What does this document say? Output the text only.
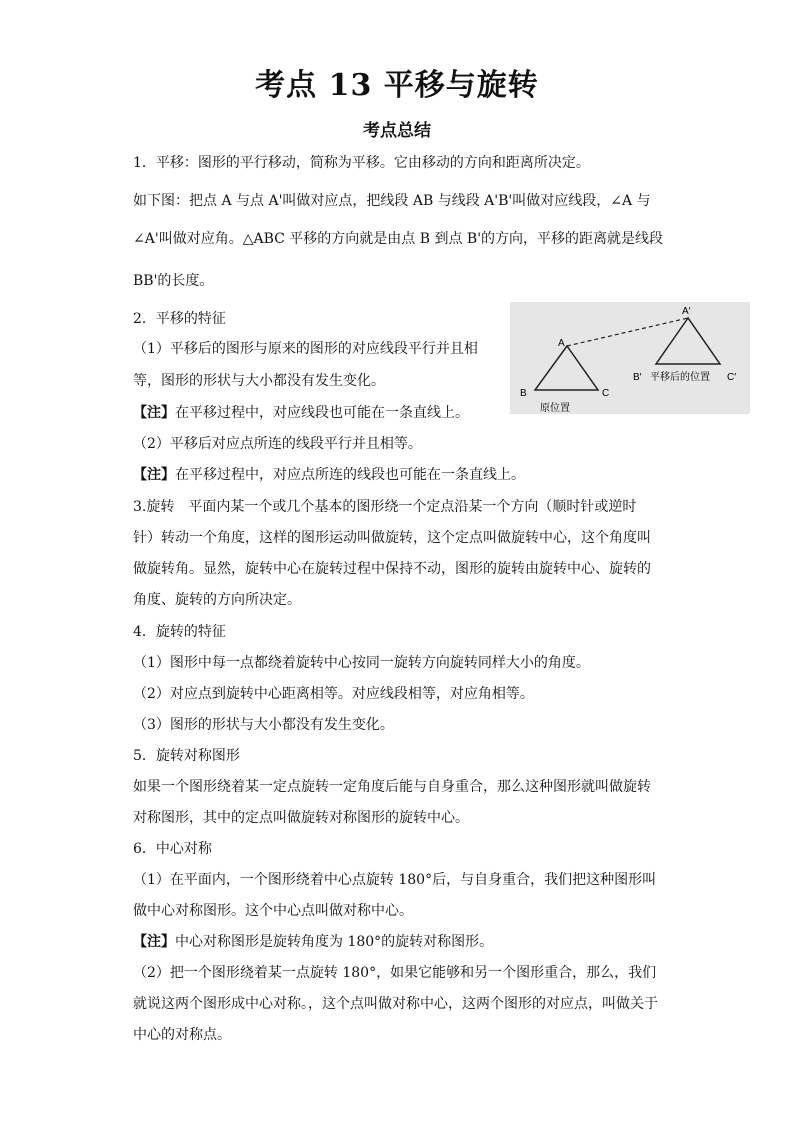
考点 13 平移与旋转
考点总结
1．平移：图形的平行移动，简称为平移。它由移动的方向和距离所决定。
如下图：把点 A 与点 A'叫做对应点，把线段 AB 与线段 A'B'叫做对应线段，∠A 与
∠A'叫做对应角。△ABC 平移的方向就是由点 B 到点 B'的方向，平移的距离就是线段
BB'的长度。
2．平移的特征
（1）平移后的图形与原来的图形的对应线段平行并且相
等，图形的形状与大小都没有发生变化。
【注】在平移过程中，对应线段也可能在一条直线上。
（2）平移后对应点所连的线段平行并且相等。
【注】在平移过程中，对应点所连的线段也可能在一条直线上。
3.旋转　平面内某一个或几个基本的图形绕一个定点沿某一个方向（顺时针或逆时
针）转动一个角度，这样的图形运动叫做旋转，这个定点叫做旋转中心，这个角度叫
做旋转角。显然，旋转中心在旋转过程中保持不动，图形的旋转由旋转中心、旋转的
角度、旋转的方向所决定。
4．旋转的特征
（1）图形中每一点都绕着旋转中心按同一旋转方向旋转同样大小的角度。
（2）对应点到旋转中心距离相等。对应线段相等，对应角相等。
（3）图形的形状与大小都没有发生变化。
5．旋转对称图形
如果一个图形绕着某一定点旋转一定角度后能与自身重合，那么这种图形就叫做旋转
对称图形，其中的定点叫做旋转对称图形的旋转中心。
6．中心对称
（1）在平面内，一个图形绕着中心点旋转 180°后，与自身重合，我们把这种图形叫
做中心对称图形。这个中心点叫做对称中心。
【注】中心对称图形是旋转角度为 180°的旋转对称图形。
（2）把一个图形绕着某一点旋转 180°，如果它能够和另一个图形重合，那么，我们
就说这两个图形成中心对称。，这个点叫做对称中心，这两个图形的对应点，叫做关于
中心的对称点。
A
B	C
A′
B′	C′
平移后的位置
原位置
